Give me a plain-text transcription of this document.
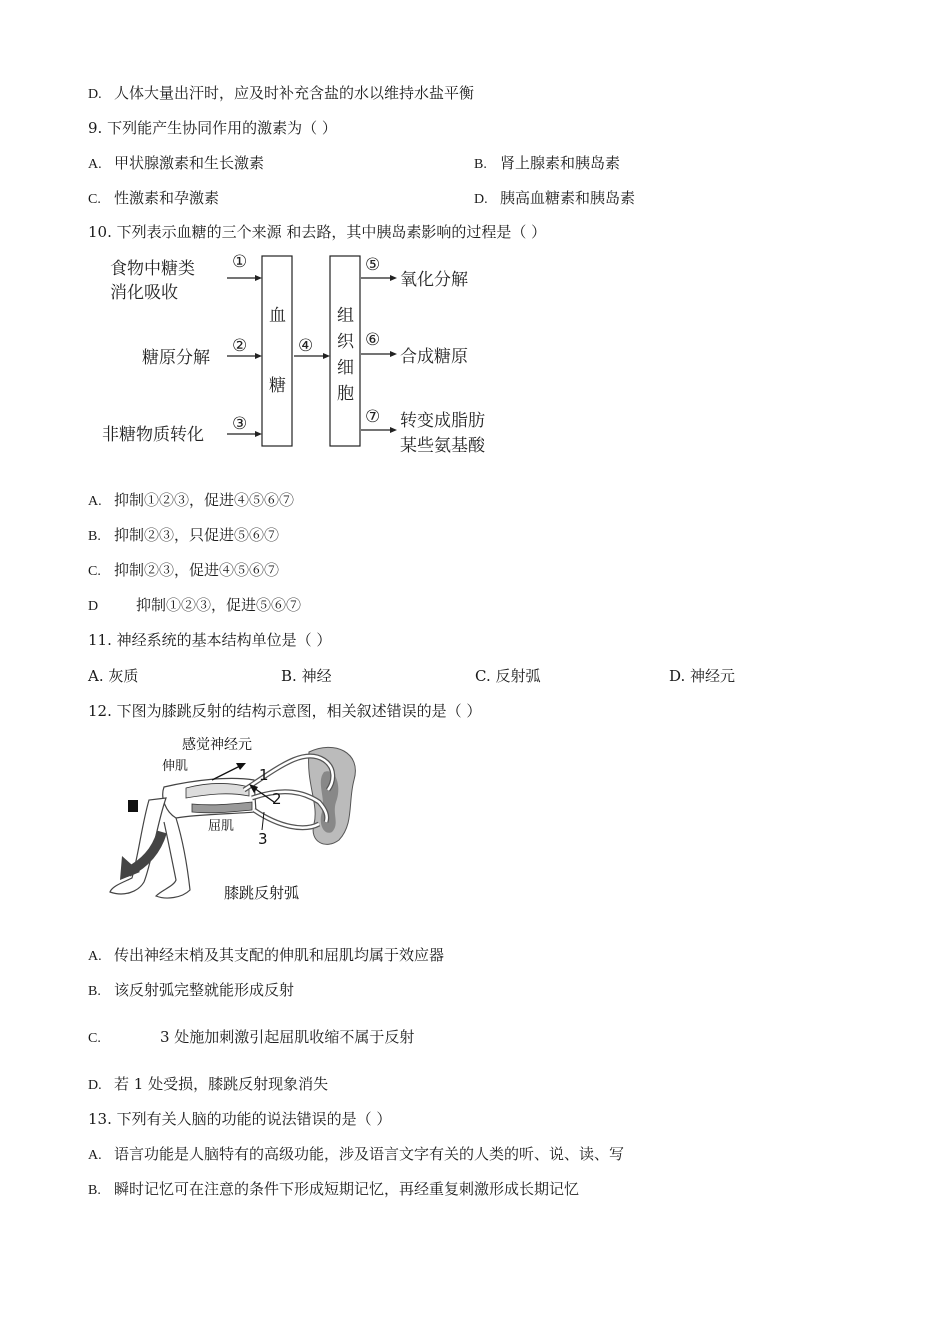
D. 人体大量出汗时，应及时补充含盐的水以维持水盐平衡
9. 下列能产生协同作用的激素为（ ）
A. 甲状腺激素和生长激素	B. 肾上腺素和胰岛素
C. 性激素和孕激素	D. 胰高血糖素和胰岛素
10. 下列表示血糖的三个来源 和去路，其中胰岛素影响的过程是（ ）
食物中糖类
消化吸收
糖原分解
非糖物质转化
①
②
③
④
⑤
⑥
⑦
血
糖
组
织
细
胞
氧化分解
合成糖原
转变成脂肪
某些氨基酸
A. 抑制①②③，促进④⑤⑥⑦
B. 抑制②③，只促进⑤⑥⑦
C. 抑制②③，促进④⑤⑥⑦
D	抑制①②③，促进⑤⑥⑦
11. 神经系统的基本结构单位是（ ）
A. 灰质	B. 神经	C. 反射弧	D. 神经元
12. 下图为膝跳反射的结构示意图，相关叙述错误的是（ ）
感觉神经元
伸肌
屈肌
1
2
3
膝跳反射弧
A. 传出神经末梢及其支配的伸肌和屈肌均属于效应器
B. 该反射弧完整就能形成反射
C.	3 处施加刺激引起屈肌收缩不属于反射
D. 若 1 处受损，膝跳反射现象消失
13. 下列有关人脑的功能的说法错误的是（ ）
A. 语言功能是人脑特有的高级功能，涉及语言文字有关的人类的听、说、读、写
B. 瞬时记忆可在注意的条件下形成短期记忆，再经重复刺激形成长期记忆
